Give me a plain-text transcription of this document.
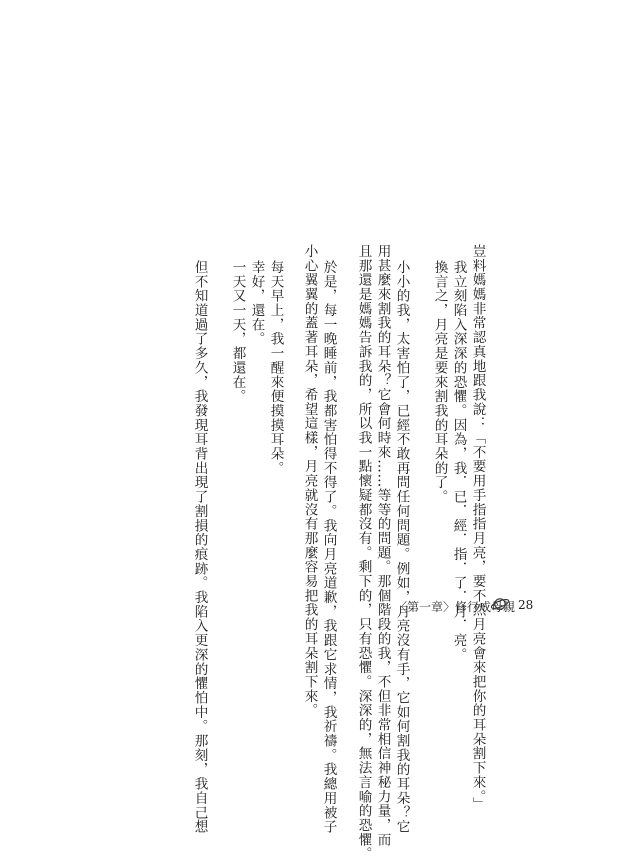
豈料媽媽非常認真地跟我說：「不要用手指指月亮，要不然月亮會來把你的耳朵割下來。」
我立刻陷入深深的恐懼。因為，我．已．經．指．了．月．亮。
換言之，月亮是要來割我的耳朵的了。
小小的我，太害怕了，已經不敢再問任何問題。例如，月亮沒有手，它如何割我的耳朵？它
用甚麼來割我的耳朵？它會何時來……等等的問題。那個階段的我，不但非常相信神秘力量，而
且那還是媽媽告訴我的，所以我一點懷疑都沒有。剩下的，只有恐懼。深深的，無法言喻的恐懼。
於是，每一晚睡前，我都害怕得不得了。我向月亮道歉，我跟它求情，我祈禱。我總用被子
小心翼翼的蓋著耳朵，希望這樣，月亮就沒有那麼容易把我的耳朵割下來。
每天早上，我一醒來便摸摸耳朵。
幸好，還在。
一天又一天，都還在。
但不知道過了多久，我發現耳背出現了割損的痕跡。我陷入更深的懼怕中。那刻，我自己想	〈第一章〉修行成母親 28
